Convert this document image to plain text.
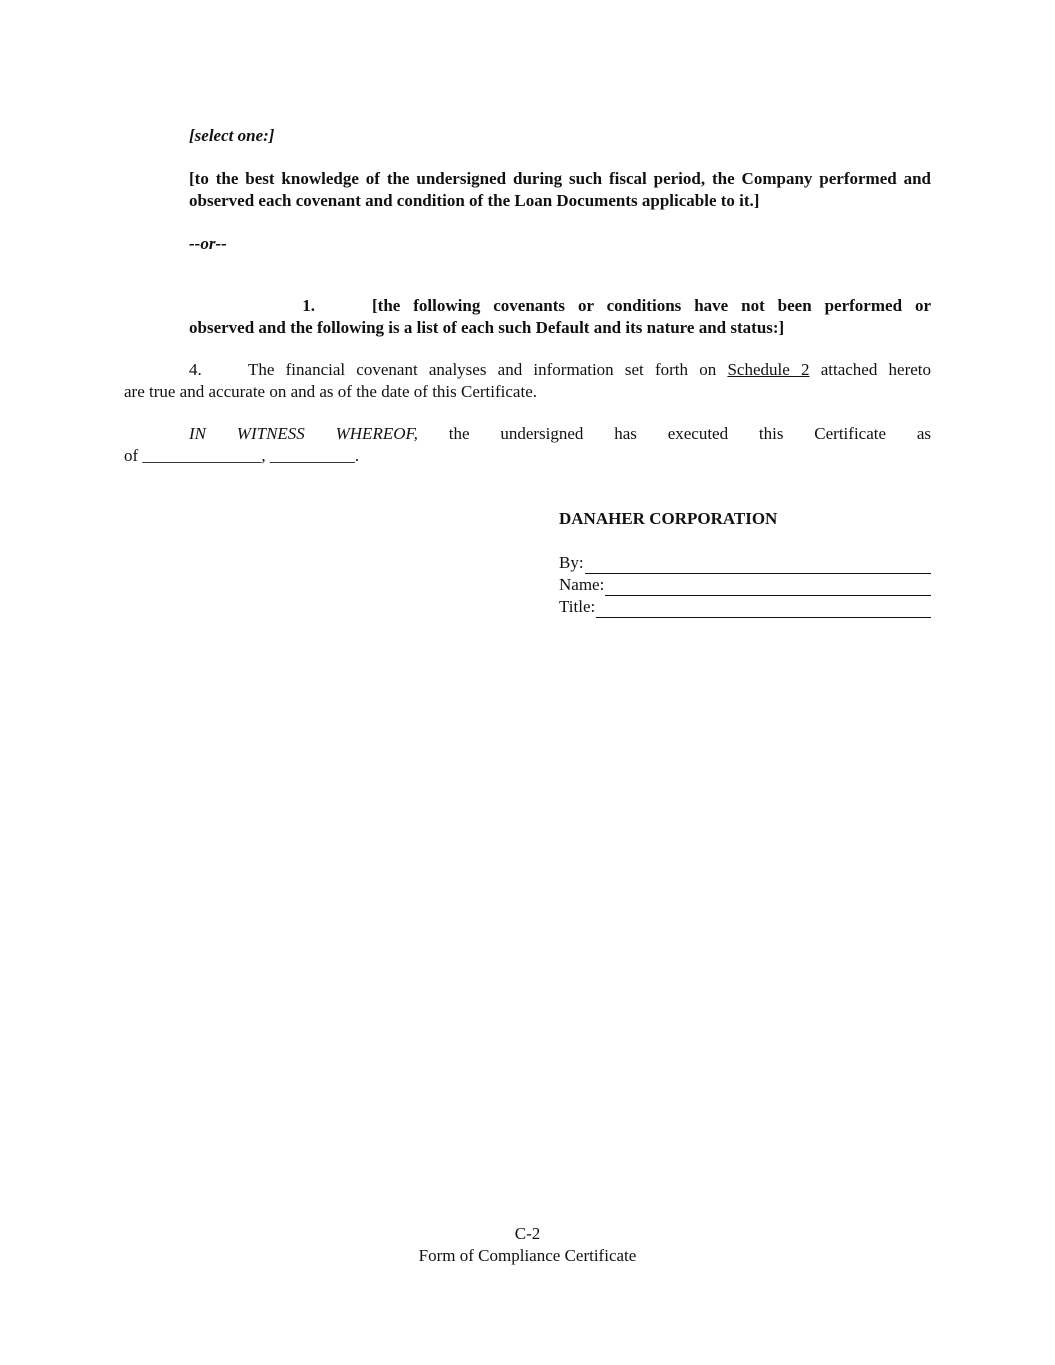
[select one:]
[to the best knowledge of the undersigned during such fiscal period, the Company performed and observed each covenant and condition of the Loan Documents applicable to it.]
--or--
1.	[the following covenants or conditions have not been performed or
observed and the following is a list of each such Default and its nature and status:]
4.	The financial covenant analyses and information set forth on Schedule 2 attached hereto
are true and accurate on and as of the date of this Certificate.
IN WITNESS WHEREOF, the undersigned has executed this Certificate as
of ______________, __________.
DANAHER CORPORATION
By:
Name:
Title:
C-2
Form of Compliance Certificate
